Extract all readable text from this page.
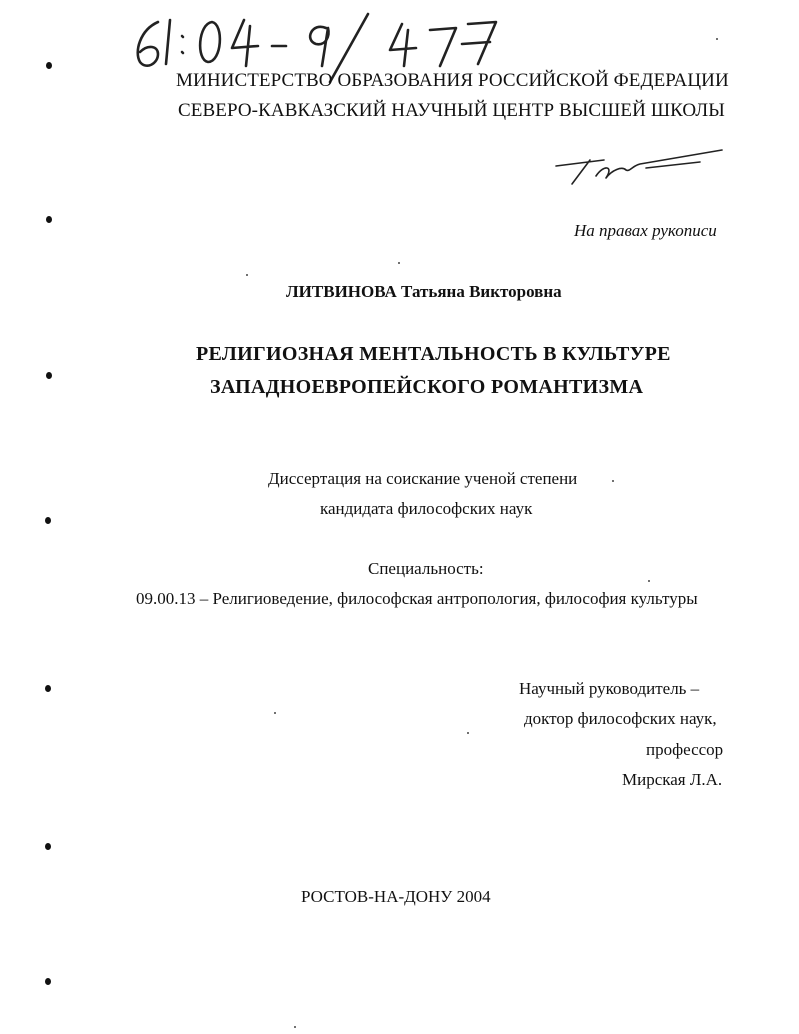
МИНИСТЕРСТВО ОБРАЗОВАНИЯ РОССИЙСКОЙ ФЕДЕРАЦИИ
СЕВЕРО-КАВКАЗСКИЙ НАУЧНЫЙ ЦЕНТР ВЫСШЕЙ ШКОЛЫ
На правах рукописи
ЛИТВИНОВА Татьяна Викторовна
РЕЛИГИОЗНАЯ МЕНТАЛЬНОСТЬ В КУЛЬТУРЕ
ЗАПАДНОЕВРОПЕЙСКОГО РОМАНТИЗМА
Диссертация на соискание ученой степени
кандидата философских наук
Специальность:
09.00.13 – Религиоведение, философская антропология, философия культуры
Научный руководитель –
доктор философских наук,
профессор
Мирская Л.А.
РОСТОВ-НА-ДОНУ 2004
